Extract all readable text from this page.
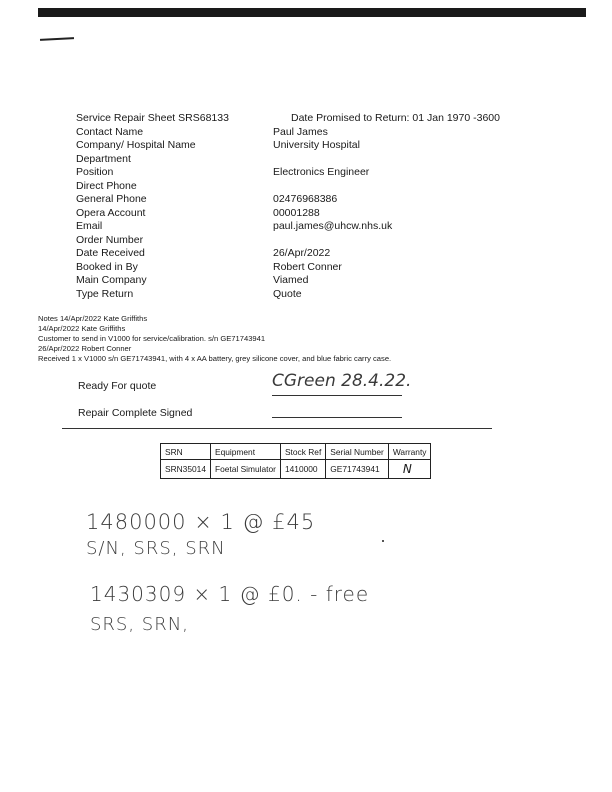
Date Promised to Return: 01 Jan 1970 -3600
Service Repair Sheet SRS68133
Contact Name	Paul James
Company/ Hospital Name	University Hospital
Department
Position	Electronics Engineer
Direct Phone
General Phone	02476968386
Opera Account	00001288
Email	paul.james@uhcw.nhs.uk
Order Number
Date Received	26/Apr/2022
Booked in By	Robert Conner
Main Company	Viamed
Type Return	Quote
Notes 14/Apr/2022 Kate Griffiths
14/Apr/2022 Kate Griffiths
Customer to send in V1000 for service/calibration. s/n GE71743941
26/Apr/2022 Robert Conner
Received 1 x V1000 s/n GE71743941, with 4 x AA battery, grey silicone cover, and blue fabric carry case.
Ready For quote	CGreen 28.4.22.
Repair Complete Signed
SRN	Equipment	Stock Ref	Serial Number	Warranty
SRN35014	Foetal Simulator	1410000	GE71743941	N
1480000 × 1 @ £45
S/N, SRS, SRN
1430309 × 1 @ £0. - free
SRS, SRN,
